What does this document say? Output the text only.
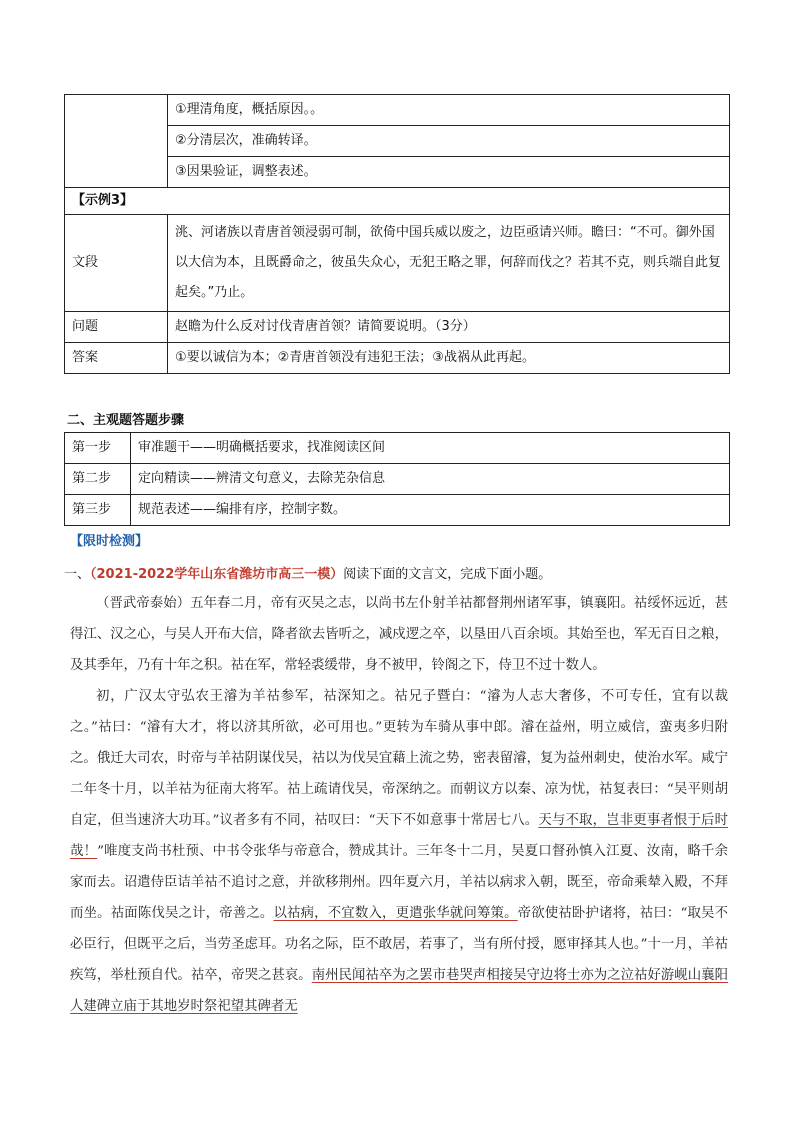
	①理清角度，概括原因。。
	②分清层次，准确转译。
	③因果验证，调整表述。
【示例3】	
文段	洮、河诸族以青唐首领浸弱可制，欲倚中国兵威以废之，边臣亟请兴师。瞻曰：“不可。御外国以大信为本，且既爵命之，彼虽失众心，无犯王略之罪，何辞而伐之？若其不克，则兵端自此复起矣。”乃止。
问题	赵瞻为什么反对讨伐青唐首领？请简要说明。（3分）
答案	①要以诚信为本；②青唐首领没有违犯王法；③战祸从此再起。
二、主观题答题步骤
第一步	审准题干——明确概括要求，找准阅读区间
第二步	定向精读——辨清文句意义，去除芜杂信息
第三步	规范表述——编排有序，控制字数。
【限时检测】
一、（2021-2022学年山东省潍坊市高三一模）阅读下面的文言文，完成下面小题。

（晋武帝泰始）五年春二月，帝有灭吴之志，以尚书左仆射羊祜都督荆州诸军事，镇襄阳。祜绥怀远近，甚得江、汉之心，与吴人开布大信，降者欲去皆听之，减戍逻之卒，以垦田八百余顷。其始至也，军无百日之粮，及其季年，乃有十年之积。祜在军，常轻裘缓带，身不被甲，铃阁之下，侍卫不过十数人。

初，广汉太守弘农王濬为羊祜参军，祜深知之。祜兄子暨白：“濬为人志大奢侈，不可专任，宜有以裁之。”祜曰：“濬有大才，将以济其所欲，必可用也。”更转为车骑从事中郎。濬在益州，明立威信，蛮夷多归附之。俄迁大司农，时帝与羊祜阴谋伐吴，祜以为伐吴宜藉上流之势，密表留濬，复为益州刺史，使治水军。咸宁二年冬十月，以羊祜为征南大将军。祜上疏请伐吴，帝深纳之。而朝议方以秦、凉为忧，祜复表曰：“吴平则胡自定，但当速济大功耳。”议者多有不同，祜叹曰：“天下不如意事十常居七八。天与不取，岂非更事者恨于后时哉！”唯度支尚书杜预、中书令张华与帝意合，赞成其计。三年冬十二月，吴夏口督孙慎入江夏、汝南，略千余家而去。诏遣侍臣诘羊祜不追讨之意，并欲移荆州。四年夏六月，羊祜以病求入朝，既至，帝命乘辇入殿，不拜而坐。祜面陈伐吴之计，帝善之。以祜病，不宜数入，更遣张华就问筹策。帝欲使祜卧护诸将，祜曰：“取吴不必臣行，但既平之后，当劳圣虑耳。功名之际，臣不敢居，若事了，当有所付授，愿审择其人也。”十一月，羊祜疾笃，举杜预自代。祜卒，帝哭之甚哀。南州民闻祜卒为之罢市巷哭声相接吴守边将士亦为之泣祜好游岘山襄阳人建碑立庙于其地岁时祭祀望其碑者无
